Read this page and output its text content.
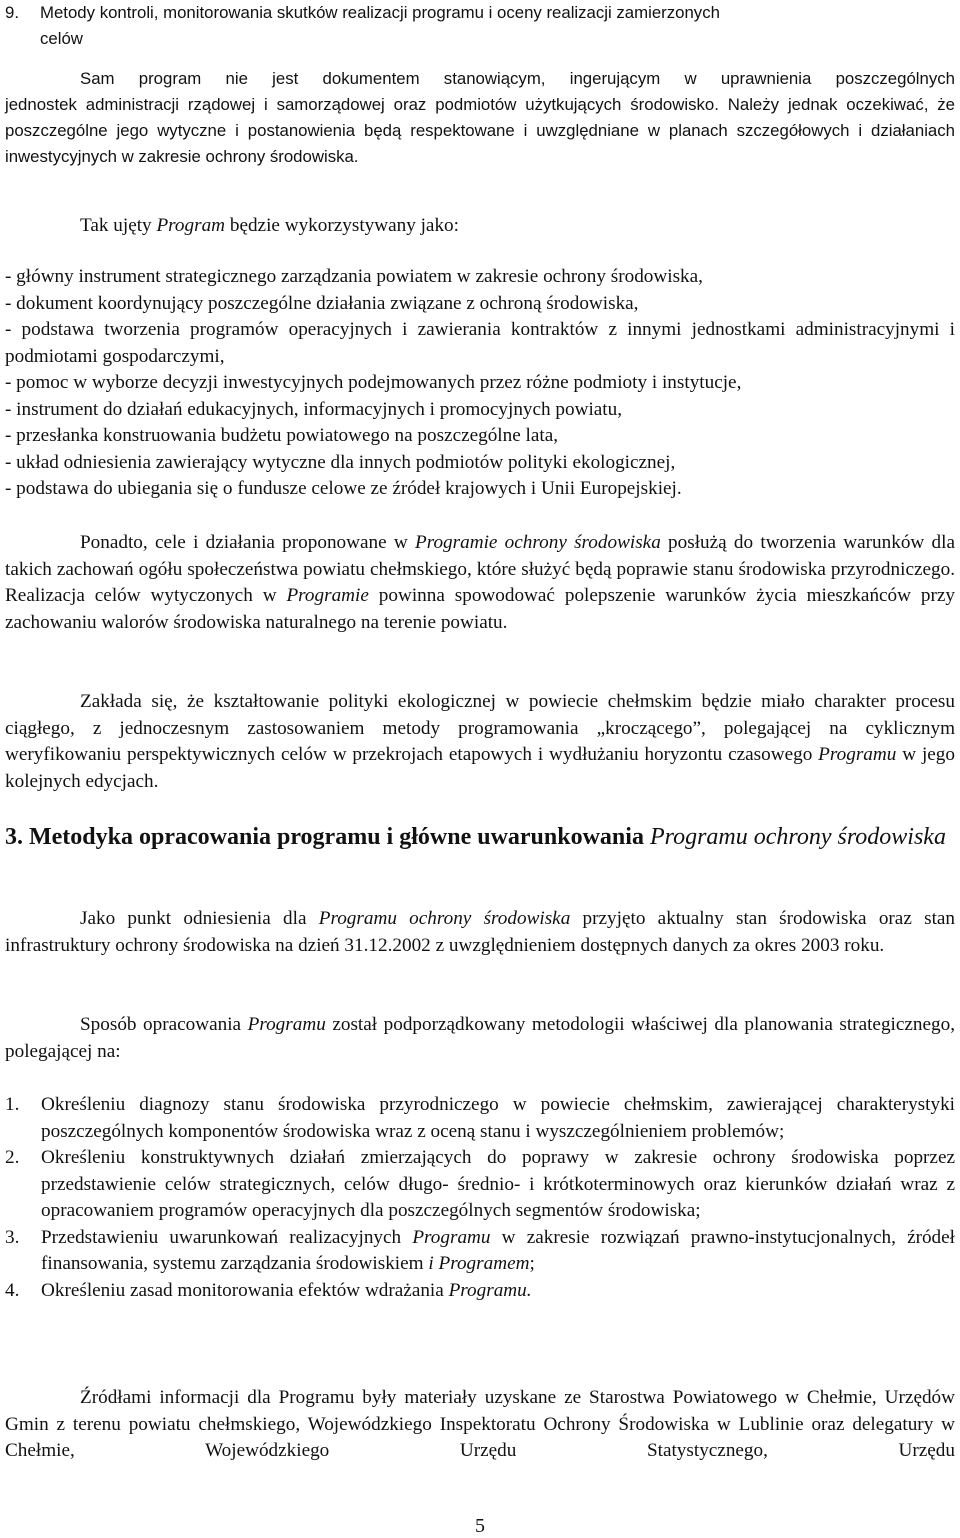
9. Metody kontroli, monitorowania skutków realizacji programu i oceny realizacji zamierzonych
celów
Sam program nie jest dokumentem stanowiącym, ingerującym w uprawnienia poszczególnych
jednostek administracji rządowej i samorządowej oraz podmiotów użytkujących środowisko. Należy jednak oczekiwać, że poszczególne jego wytyczne i postanowienia będą respektowane i uwzględniane w planach szczegółowych i działaniach inwestycyjnych w zakresie ochrony środowiska.

Tak ujęty Program będzie wykorzystywany jako:

- główny instrument strategicznego zarządzania powiatem w zakresie ochrony środowiska,
- dokument koordynujący poszczególne działania związane z ochroną środowiska,
- podstawa tworzenia programów operacyjnych i zawierania kontraktów z innymi jednostkami administracyjnymi i podmiotami gospodarczymi,
- pomoc w wyborze decyzji inwestycyjnych podejmowanych przez różne podmioty i instytucje,
- instrument do działań edukacyjnych, informacyjnych i promocyjnych powiatu,
- przesłanka konstruowania budżetu powiatowego na poszczególne lata,
- układ odniesienia zawierający wytyczne dla innych podmiotów polityki ekologicznej,
- podstawa do ubiegania się o fundusze celowe ze źródeł krajowych i Unii Europejskiej.

Ponadto, cele i działania proponowane w Programie ochrony środowiska posłużą do tworzenia warunków dla takich zachowań ogółu społeczeństwa powiatu chełmskiego, które służyć będą poprawie stanu środowiska przyrodniczego. Realizacja celów wytyczonych w Programie powinna spowodować polepszenie warunków życia mieszkańców przy zachowaniu walorów środowiska naturalnego na terenie powiatu.

Zakłada się, że kształtowanie polityki ekologicznej w powiecie chełmskim będzie miało charakter procesu ciągłego, z jednoczesnym zastosowaniem metody programowania „kroczącego”, polegającej na cyklicznym weryfikowaniu perspektywicznych celów w przekrojach etapowych i wydłużaniu horyzontu czasowego Programu w jego kolejnych edycjach.

3. Metodyka opracowania programu i główne uwarunkowania Programu ochrony środowiska

Jako punkt odniesienia dla Programu ochrony środowiska przyjęto aktualny stan środowiska oraz stan infrastruktury ochrony środowiska na dzień 31.12.2002 z uwzględnieniem dostępnych danych za okres 2003 roku.

Sposób opracowania Programu został podporządkowany metodologii właściwej dla planowania strategicznego, polegającej na:

1. Określeniu diagnozy stanu środowiska przyrodniczego w powiecie chełmskim, zawierającej charakterystyki poszczególnych komponentów środowiska wraz z oceną stanu i wyszczególnieniem problemów;
2. Określeniu konstruktywnych działań zmierzających do poprawy w zakresie ochrony środowiska poprzez przedstawienie celów strategicznych, celów długo- średnio- i krótkoterminowych oraz kierunków działań wraz z opracowaniem programów operacyjnych dla poszczególnych segmentów środowiska;
3. Przedstawieniu uwarunkowań realizacyjnych Programu w zakresie rozwiązań prawno-instytucjonalnych, źródeł finansowania, systemu zarządzania środowiskiem i Programem;
4. Określeniu zasad monitorowania efektów wdrażania Programu.

Źródłami informacji dla Programu były materiały uzyskane ze Starostwa Powiatowego w Chełmie, Urzędów Gmin z terenu powiatu chełmskiego, Wojewódzkiego Inspektoratu Ochrony Środowiska w Lublinie oraz delegatury w Chełmie, Wojewódzkiego Urzędu Statystycznego, Urzędu

5
